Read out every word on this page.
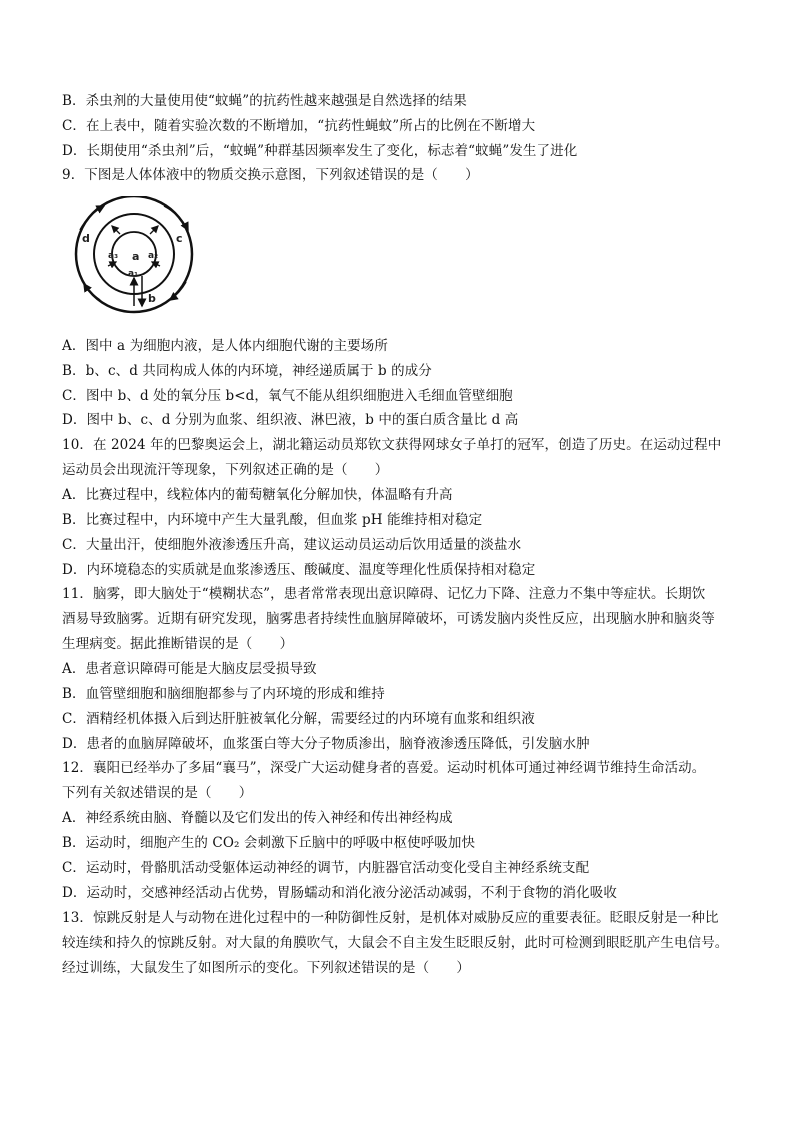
B．杀虫剂的大量使用使“蚊蝇”的抗药性越来越强是自然选择的结果
C．在上表中，随着实验次数的不断增加，“抗药性蝇蚊”所占的比例在不断增大
D．长期使用“杀虫剂”后，“蚊蝇”种群基因频率发生了变化，标志着“蚊蝇”发生了进化
9．下图是人体体液中的物质交换示意图，下列叙述错误的是（　　）
a
a₁
a₂
a₃
b
c
d
A．图中 a 为细胞内液，是人体内细胞代谢的主要场所
B．b、c、d 共同构成人体的内环境，神经递质属于 b 的成分
C．图中 b、d 处的氧分压 b<d，氧气不能从组织细胞进入毛细血管壁细胞
D．图中 b、c、d 分别为血浆、组织液、淋巴液，b 中的蛋白质含量比 d 高
10．在 2024 年的巴黎奥运会上，湖北籍运动员郑钦文获得网球女子单打的冠军，创造了历史。在运动过程中
运动员会出现流汗等现象，下列叙述正确的是（　　）
A．比赛过程中，线粒体内的葡萄糖氧化分解加快，体温略有升高
B．比赛过程中，内环境中产生大量乳酸，但血浆 pH 能维持相对稳定
C．大量出汗，使细胞外液渗透压升高，建议运动员运动后饮用适量的淡盐水
D．内环境稳态的实质就是血浆渗透压、酸碱度、温度等理化性质保持相对稳定
11．脑雾，即大脑处于“模糊状态”，患者常常表现出意识障碍、记忆力下降、注意力不集中等症状。长期饮
酒易导致脑雾。近期有研究发现，脑雾患者持续性血脑屏障破坏，可诱发脑内炎性反应，出现脑水肿和脑炎等
生理病变。据此推断错误的是（　　）
A．患者意识障碍可能是大脑皮层受损导致
B．血管壁细胞和脑细胞都参与了内环境的形成和维持
C．酒精经机体摄入后到达肝脏被氧化分解，需要经过的内环境有血浆和组织液
D．患者的血脑屏障破坏，血浆蛋白等大分子物质渗出，脑脊液渗透压降低，引发脑水肿
12．襄阳已经举办了多届“襄马”，深受广大运动健身者的喜爱。运动时机体可通过神经调节维持生命活动。
下列有关叙述错误的是（　　）
A．神经系统由脑、脊髓以及它们发出的传入神经和传出神经构成
B．运动时，细胞产生的 CO₂ 会刺激下丘脑中的呼吸中枢使呼吸加快
C．运动时，骨骼肌活动受躯体运动神经的调节，内脏器官活动变化受自主神经系统支配
D．运动时，交感神经活动占优势，胃肠蠕动和消化液分泌活动减弱，不利于食物的消化吸收
13．惊跳反射是人与动物在进化过程中的一种防御性反射，是机体对威胁反应的重要表征。眨眼反射是一种比
较连续和持久的惊跳反射。对大鼠的角膜吹气，大鼠会不自主发生眨眼反射，此时可检测到眼眨肌产生电信号。
经过训练，大鼠发生了如图所示的变化。下列叙述错误的是（　　）
